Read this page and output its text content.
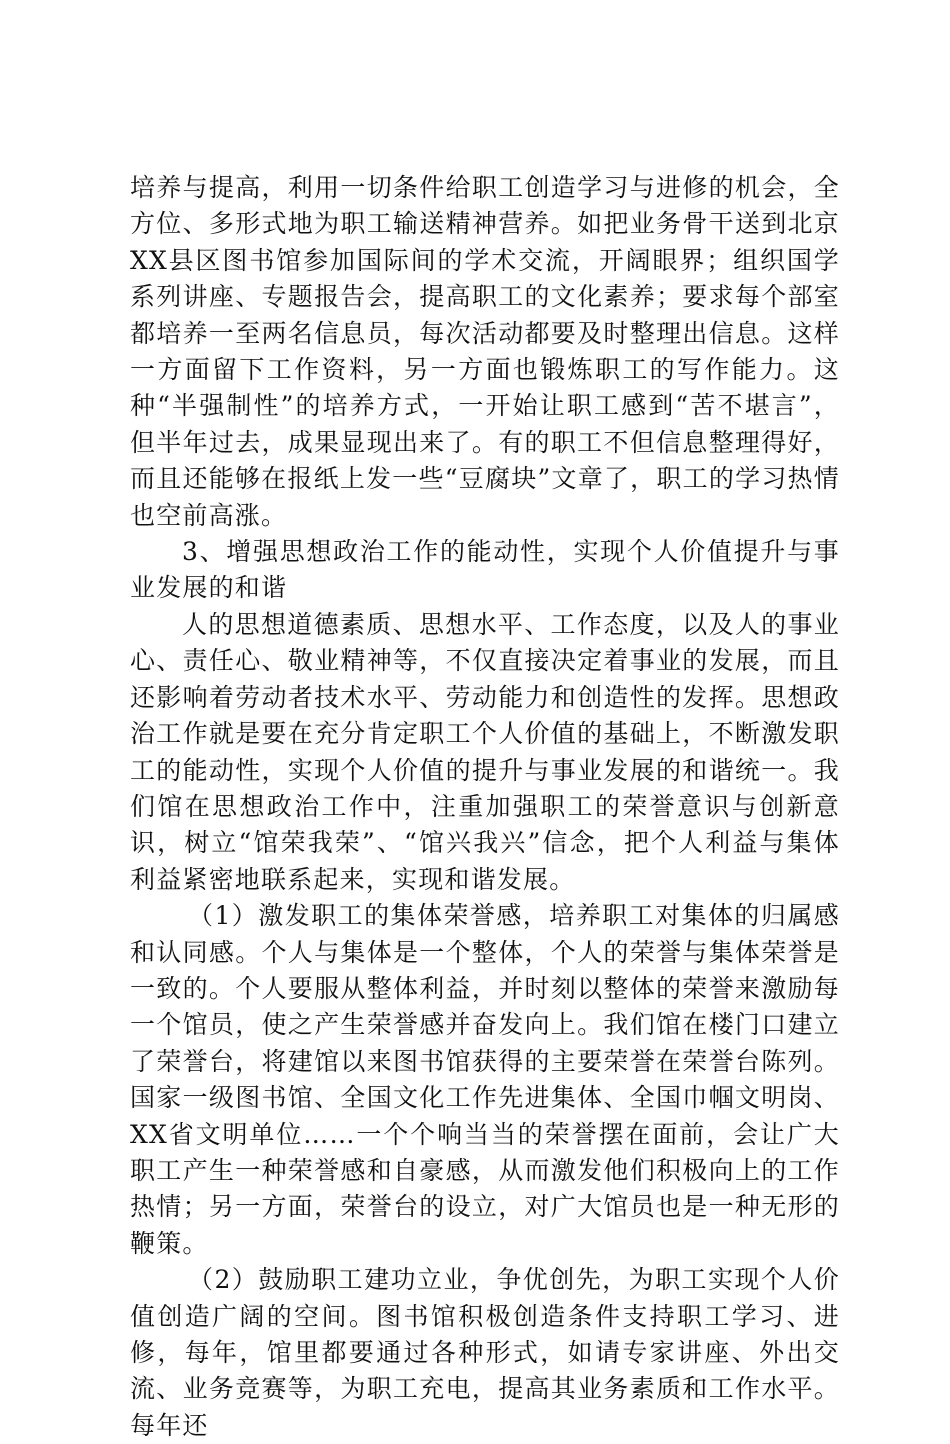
培养与提高，利用一切条件给职工创造学习与进修的机会，全方位、多形式地为职工输送精神营养。如把业务骨干送到北京XX县区图书馆参加国际间的学术交流，开阔眼界；组织国学系列讲座、专题报告会，提高职工的文化素养；要求每个部室都培养一至两名信息员，每次活动都要及时整理出信息。这样一方面留下工作资料，另一方面也锻炼职工的写作能力。这种“半强制性”的培养方式，一开始让职工感到“苦不堪言”，但半年过去，成果显现出来了。有的职工不但信息整理得好，而且还能够在报纸上发一些“豆腐块”文章了，职工的学习热情也空前高涨。

3、增强思想政治工作的能动性，实现个人价值提升与事业发展的和谐

人的思想道德素质、思想水平、工作态度，以及人的事业心、责任心、敬业精神等，不仅直接决定着事业的发展，而且还影响着劳动者技术水平、劳动能力和创造性的发挥。思想政治工作就是要在充分肯定职工个人价值的基础上，不断激发职工的能动性，实现个人价值的提升与事业发展的和谐统一。我们馆在思想政治工作中，注重加强职工的荣誉意识与创新意识，树立“馆荣我荣”、“馆兴我兴”信念，把个人利益与集体利益紧密地联系起来，实现和谐发展。

（1）激发职工的集体荣誉感，培养职工对集体的归属感和认同感。个人与集体是一个整体，个人的荣誉与集体荣誉是一致的。个人要服从整体利益，并时刻以整体的荣誉来激励每一个馆员，使之产生荣誉感并奋发向上。我们馆在楼门口建立了荣誉台，将建馆以来图书馆获得的主要荣誉在荣誉台陈列。国家一级图书馆、全国文化工作先进集体、全国巾帼文明岗、XX省文明单位……一个个响当当的荣誉摆在面前，会让广大职工产生一种荣誉感和自豪感，从而激发他们积极向上的工作热情；另一方面，荣誉台的设立，对广大馆员也是一种无形的鞭策。

（2）鼓励职工建功立业，争优创先，为职工实现个人价值创造广阔的空间。图书馆积极创造条件支持职工学习、进修，每年，馆里都要通过各种形式，如请专家讲座、外出交流、业务竞赛等，为职工充电，提高其业务素质和工作水平。每年还
